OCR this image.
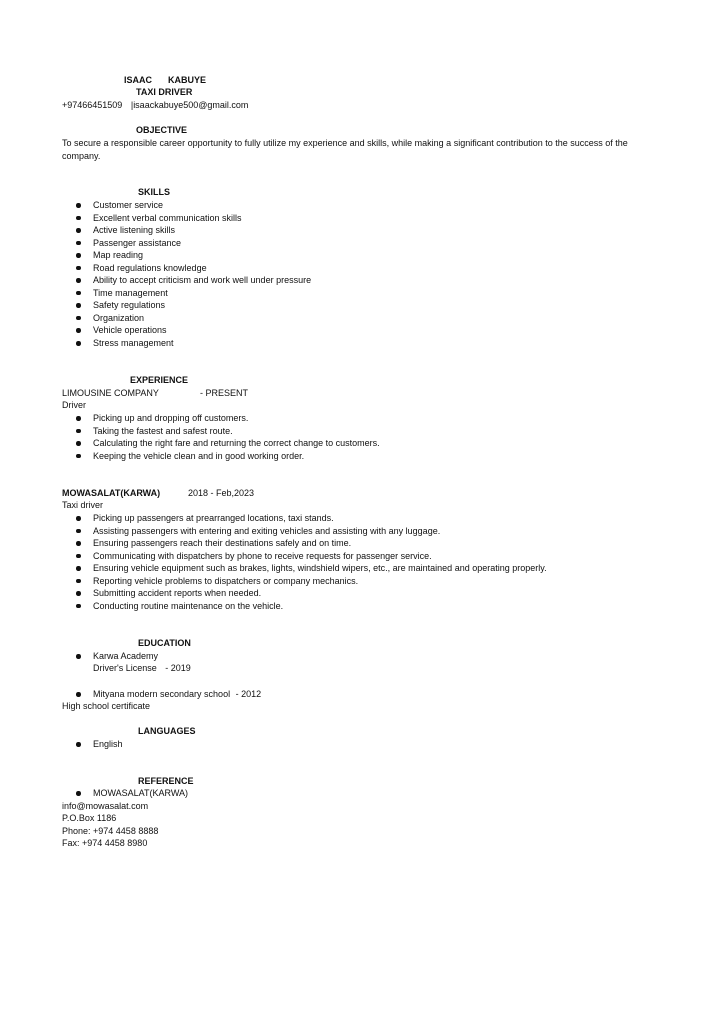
ISAAC KABUYE
TAXI DRIVER
+97466451509 |isaackabuye500@gmail.com
OBJECTIVE
To secure a responsible career opportunity to fully utilize my experience and skills, while making a significant contribution to the success of the company.
SKILLS
Customer service
Excellent verbal communication skills
Active listening skills
Passenger assistance
Map reading
Road regulations knowledge
Ability to accept criticism and work well under pressure
Time management
Safety regulations
Organization
Vehicle operations
Stress management
EXPERIENCE
LIMOUSINE COMPANY	- PRESENT
Driver
Picking up and dropping off customers.
Taking the fastest and safest route.
Calculating the right fare and returning the correct change to customers.
Keeping the vehicle clean and in good working order.
MOWASALAT(KARWA)	2018 - Feb,2023
Taxi driver
Picking up passengers at prearranged locations, taxi stands.
Assisting passengers with entering and exiting vehicles and assisting with any luggage.
Ensuring passengers reach their destinations safely and on time.
Communicating with dispatchers by phone to receive requests for passenger service.
Ensuring vehicle equipment such as brakes, lights, windshield wipers, etc., are maintained and operating properly.
Reporting vehicle problems to dispatchers or company mechanics.
Submitting accident reports when needed.
Conducting routine maintenance on the vehicle.
EDUCATION
Karwa Academy
Driver's License - 2019
Mityana modern secondary school - 2012
High school certificate
LANGUAGES
English
REFERENCE
MOWASALAT(KARWA)
info@mowasalat.com
P.O.Box 1186
Phone: +974 4458 8888
Fax: +974 4458 8980
